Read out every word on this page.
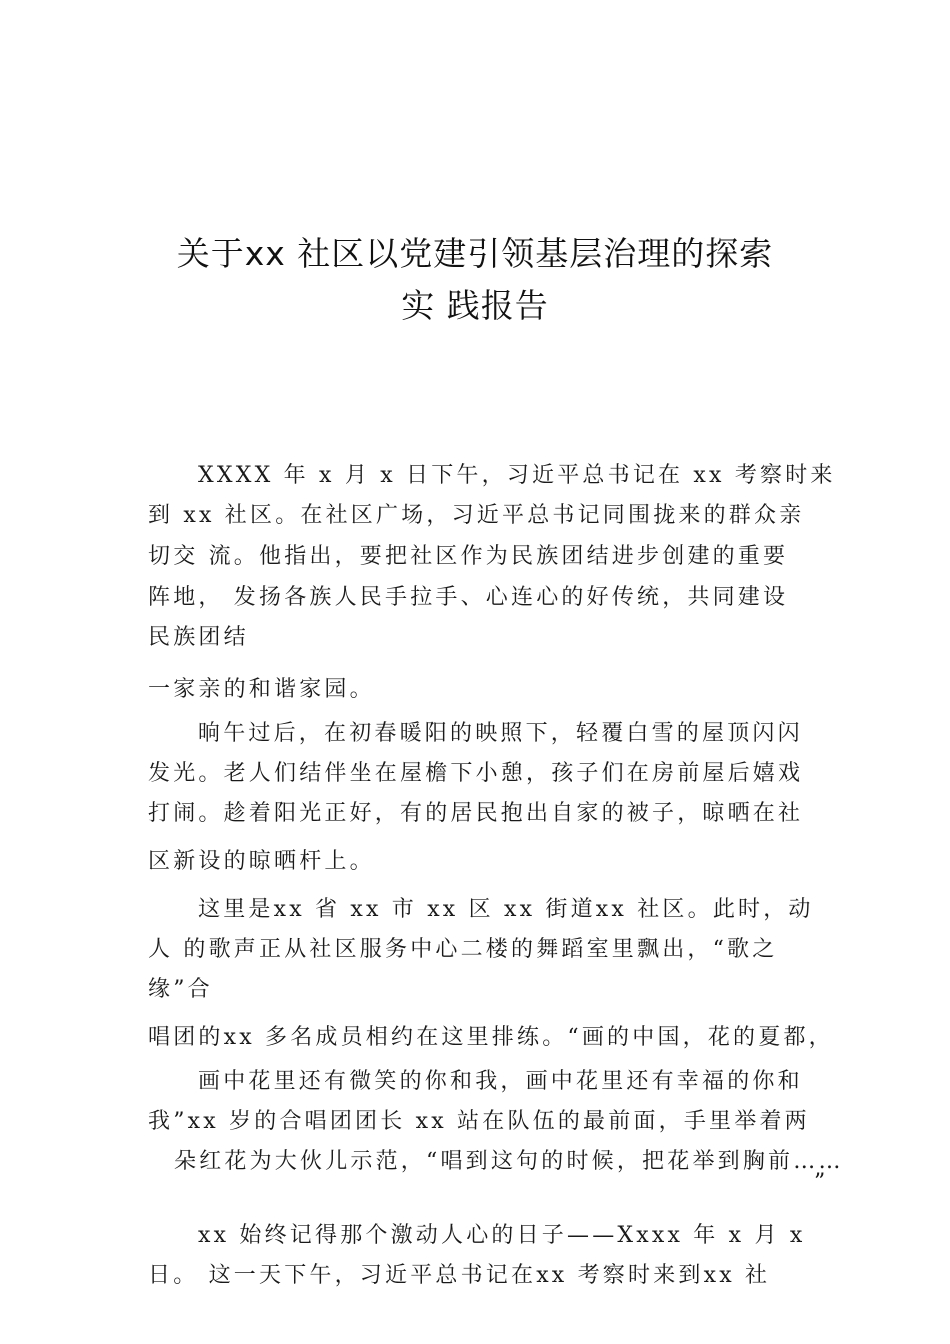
关于xx 社区以党建引领基层治理的探索
实 践报告
XXXX 年 x 月 x 日下午，习近平总书记在 xx 考察时来
到 xx 社区。在社区广场，习近平总书记同围拢来的群众亲
切交 流。他指出，要把社区作为民族团结进步创建的重要
阵地， 发扬各族人民手拉手、心连心的好传统，共同建设
民族团结
一家亲的和谐家园。
晌午过后，在初春暖阳的映照下，轻覆白雪的屋顶闪闪
发光。老人们结伴坐在屋檐下小憩，孩子们在房前屋后嬉戏
打闹。趁着阳光正好，有的居民抱出自家的被子，晾晒在社
区新设的晾晒杆上。
这里是xx 省 xx 市 xx 区 xx 街道xx 社区。此时，动
人 的歌声正从社区服务中心二楼的舞蹈室里飘出，“歌之
缘”合
唱团的xx 多名成员相约在这里排练。“画的中国，花的夏都，
画中花里还有微笑的你和我，画中花里还有幸福的你和
我”xx 岁的合唱团团长 xx 站在队伍的最前面，手里举着两
朵红花为大伙儿示范，“唱到这句的时候，把花举到胸前……
”
xx 始终记得那个激动人心的日子——Xxxx 年 x 月 x
日。 这一天下午，习近平总书记在xx 考察时来到xx 社
